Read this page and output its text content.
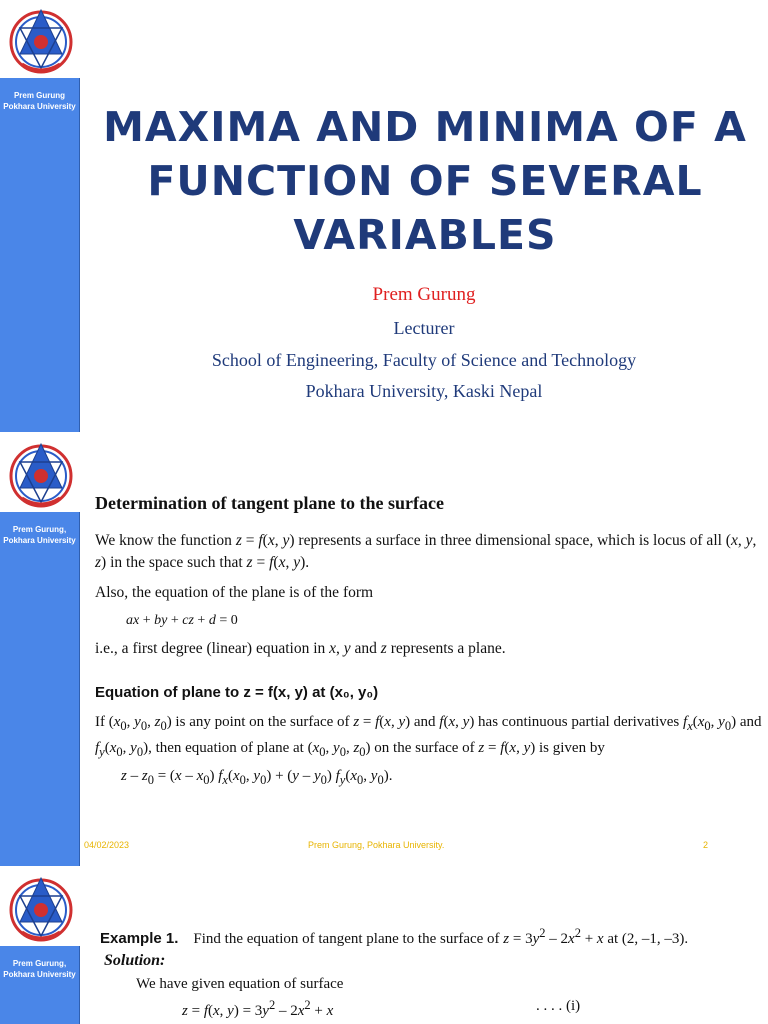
Prem Gurung Pokhara University MAXIMA AND MINIMA OF A FUNCTION OF SEVERAL VARIABLES
Prem Gurung
Lecturer
School of Engineering, Faculty of Science and Technology
Pokhara University, Kaski Nepal
Prem Gurung, Pokhara University
Determination of tangent plane to the surface
We know the function z = f(x, y) represents a surface in three dimensional space, which is locus of all (x, y, z) in the space such that z = f(x, y).
Also, the equation of the plane is of the form
ax + by + cz + d = 0
i.e., a first degree (linear) equation in x, y and z represents a plane.
Equation of plane to z = f(x, y) at (x₀, y₀)
If ($x_0$, $y_0$, $z_0$) is any point on the surface of z = f(x, y) and f(x, y) has continuous partial derivatives $f_x(x_0$, $y_0$) and $f_y(x_0$, $y_0$), then equation of plane at ($x_0$, $y_0$, $z_0$) on the surface of z = f(x, y) is given by
$z - z_0 = (x - x_0)$ $f_x(x_0$, $y_0) + (y - y_0)$ $f_y(x_0$, $y_0$).
04/02/2023	Prem Gurung, Pokhara University.	2
Prem Gurung, Pokhara University
Example 1.    Find the equation of tangent plane to the surface of $z = 3y^2 - 2x^2 + x$ at (2, –1, –3).
Solution:
We have given equation of surface
z = f(x, $y) = 3y^2 - 2x^2 + x$	. . . . (i)
